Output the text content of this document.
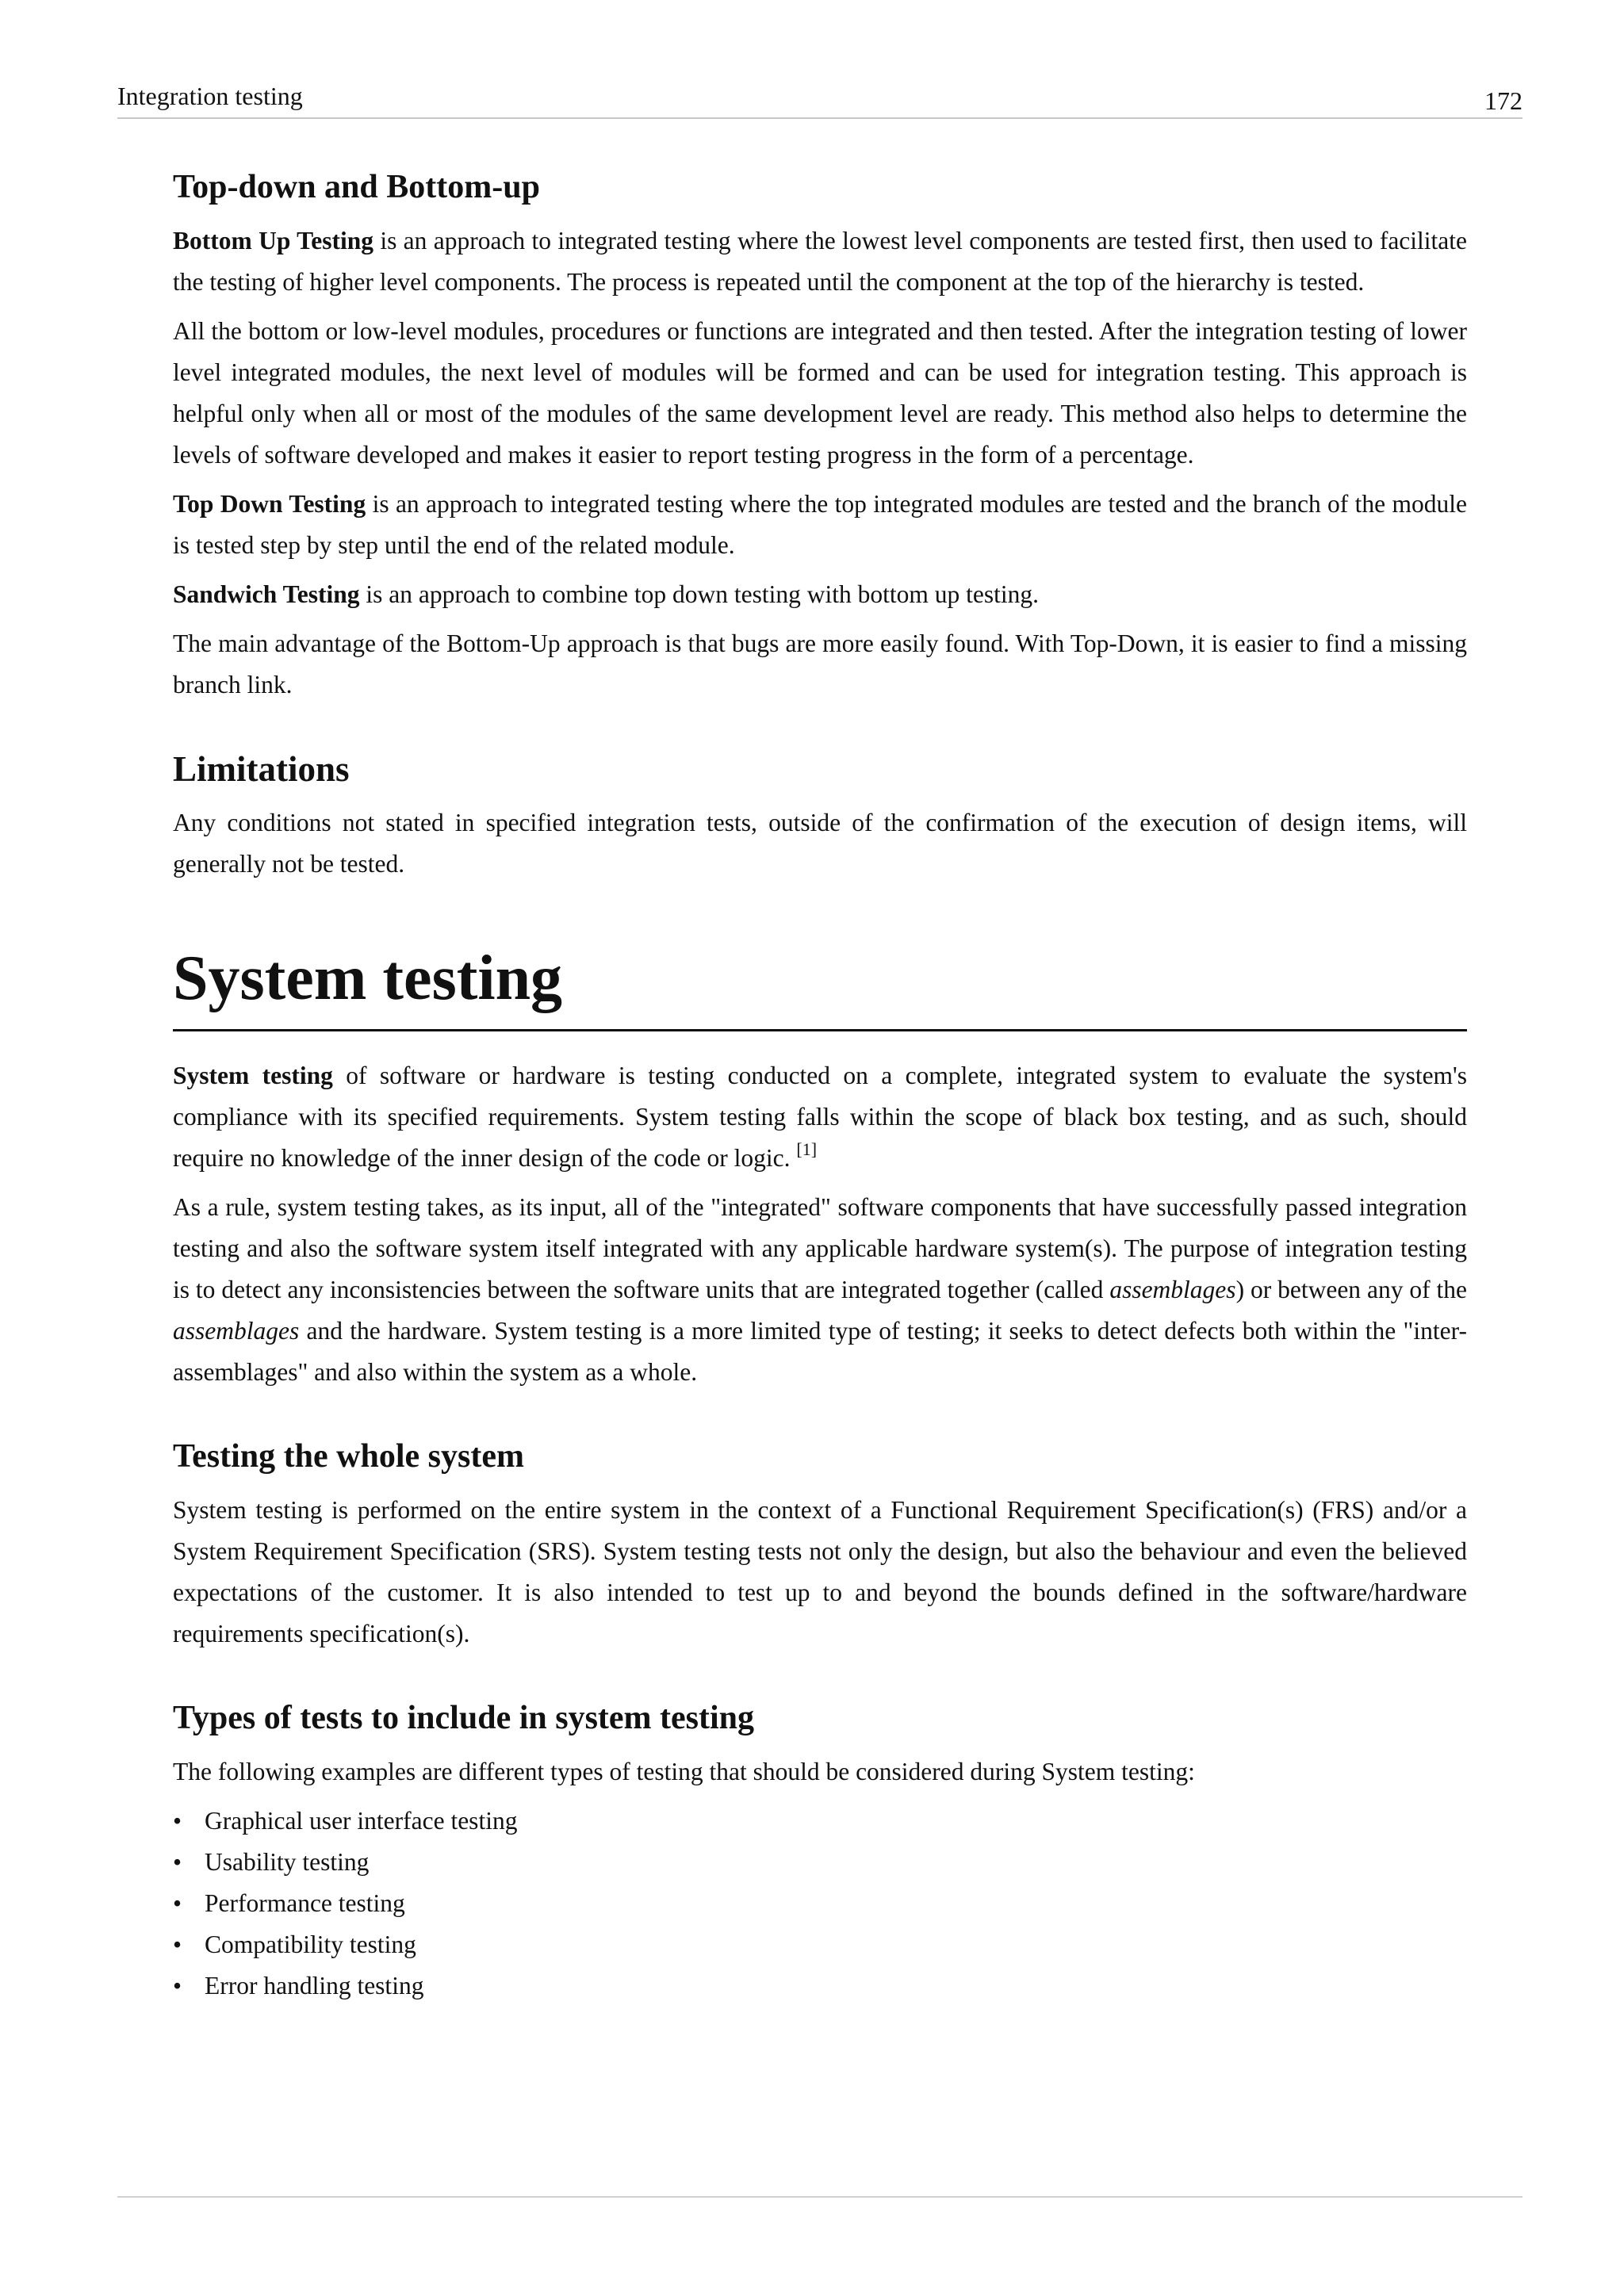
Integration testing	172
Top-down and Bottom-up

Bottom Up Testing is an approach to integrated testing where the lowest level components are tested first, then used to facilitate the testing of higher level components. The process is repeated until the component at the top of the hierarchy is tested.

All the bottom or low-level modules, procedures or functions are integrated and then tested. After the integration testing of lower level integrated modules, the next level of modules will be formed and can be used for integration testing. This approach is helpful only when all or most of the modules of the same development level are ready. This method also helps to determine the levels of software developed and makes it easier to report testing progress in the form of a percentage.

Top Down Testing is an approach to integrated testing where the top integrated modules are tested and the branch of the module is tested step by step until the end of the related module.

Sandwich Testing is an approach to combine top down testing with bottom up testing.

The main advantage of the Bottom-Up approach is that bugs are more easily found. With Top-Down, it is easier to find a missing branch link.

Limitations

Any conditions not stated in specified integration tests, outside of the confirmation of the execution of design items, will generally not be tested.

System testing

System testing of software or hardware is testing conducted on a complete, integrated system to evaluate the system's compliance with its specified requirements. System testing falls within the scope of black box testing, and as such, should require no knowledge of the inner design of the code or logic. [1]

As a rule, system testing takes, as its input, all of the "integrated" software components that have successfully passed integration testing and also the software system itself integrated with any applicable hardware system(s). The purpose of integration testing is to detect any inconsistencies between the software units that are integrated together (called assemblages) or between any of the assemblages and the hardware. System testing is a more limited type of testing; it seeks to detect defects both within the "inter-assemblages" and also within the system as a whole.

Testing the whole system

System testing is performed on the entire system in the context of a Functional Requirement Specification(s) (FRS) and/or a System Requirement Specification (SRS). System testing tests not only the design, but also the behaviour and even the believed expectations of the customer. It is also intended to test up to and beyond the bounds defined in the software/hardware requirements specification(s).

Types of tests to include in system testing

The following examples are different types of testing that should be considered during System testing:

• Graphical user interface testing
• Usability testing
• Performance testing
• Compatibility testing
• Error handling testing
